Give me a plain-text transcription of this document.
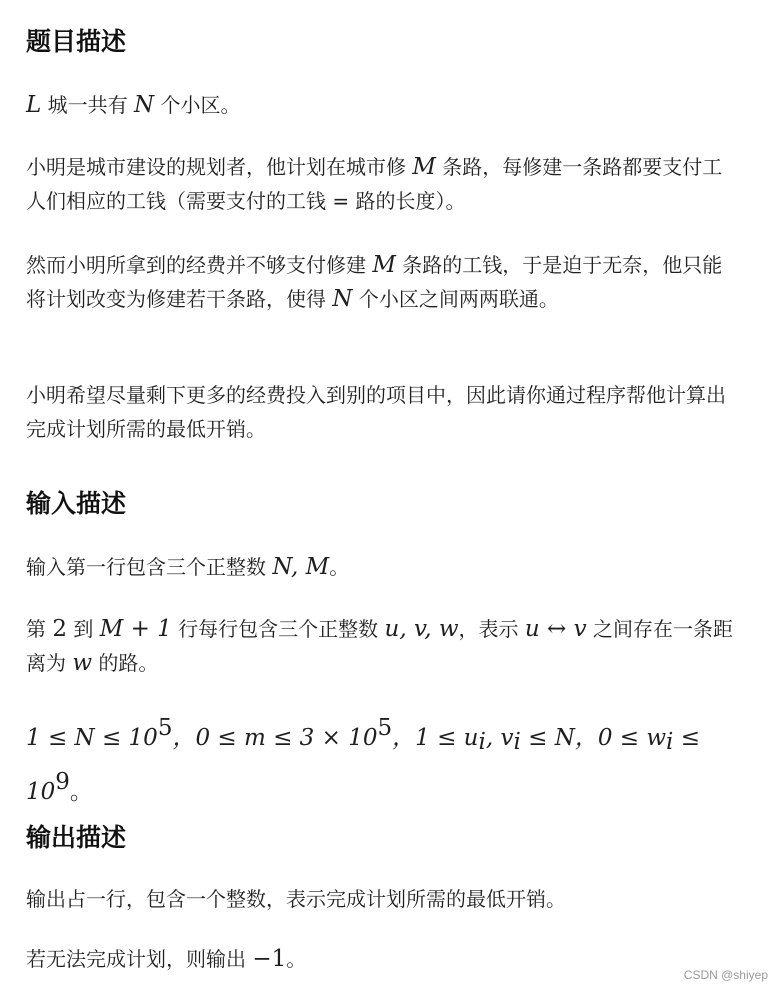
题目描述

L 城一共有 N 个小区。

小明是城市建设的规划者，他计划在城市修 M 条路，每修建一条路都要支付工人们相应的工钱（需要支付的工钱 = 路的长度）。

然而小明所拿到的经费并不够支付修建 M 条路的工钱，于是迫于无奈，他只能将计划改变为修建若干条路，使得 N 个小区之间两两联通。

小明希望尽量剩下更多的经费投入到别的项目中，因此请你通过程序帮他计算出完成计划所需的最低开销。

输入描述

输入第一行包含三个正整数 N, M。

第 2 到 M + 1 行每行包含三个正整数 u, v, w，表示 u ↔ v 之间存在一条距离为 w 的路。

$1 \le N \le 10^5$，$0 \le m \le 3 \times 10^5$，$1 \le u_i$, $v_i \le N$，$0 \le w_i \le 10^9$。

输出描述

输出占一行，包含一个整数，表示完成计划所需的最低开销。

若无法完成计划，则输出 −1。

CSDN @shiyep
